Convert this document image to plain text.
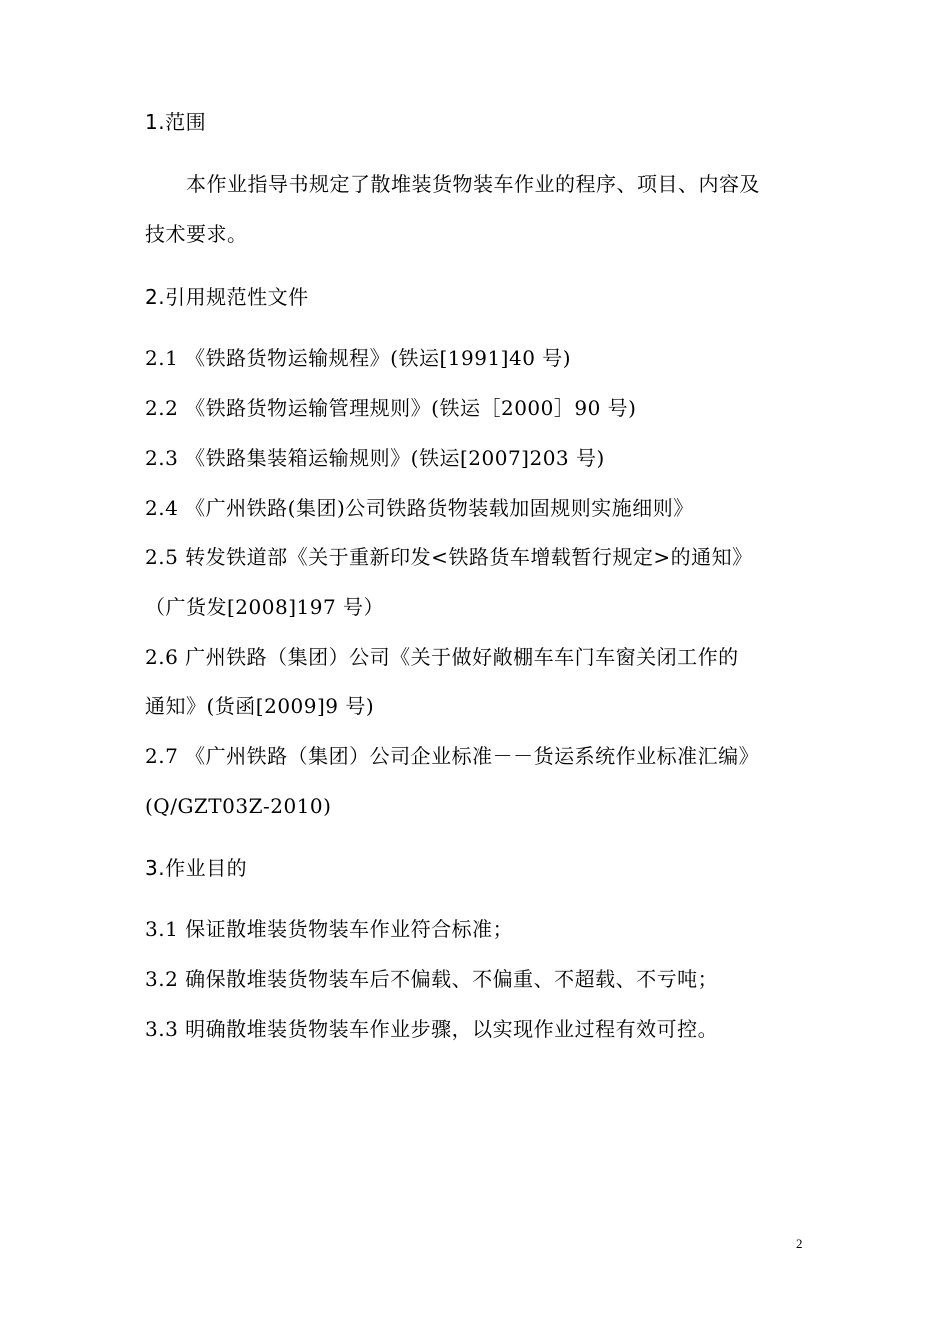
1.范围
本作业指导书规定了散堆装货物装车作业的程序、项目、内容及
技术要求。
2.引用规范性文件
2.1 《铁路货物运输规程》(铁运[1991]40 号)
2.2 《铁路货物运输管理规则》(铁运［2000］90 号)
2.3 《铁路集装箱运输规则》(铁运[2007]203 号)
2.4 《广州铁路(集团)公司铁路货物装载加固规则实施细则》
2.5 转发铁道部《关于重新印发<铁路货车增载暂行规定>的通知》
（广货发[2008]197 号）
2.6 广州铁路（集团）公司《关于做好敞棚车车门车窗关闭工作的
通知》(货函[2009]9 号)
2.7 《广州铁路（集团）公司企业标准－－货运系统作业标准汇编》
(Q/GZT03Z-2010)
3.作业目的
3.1 保证散堆装货物装车作业符合标准；
3.2 确保散堆装货物装车后不偏载、不偏重、不超载、不亏吨；
3.3 明确散堆装货物装车作业步骤，以实现作业过程有效可控。
2
